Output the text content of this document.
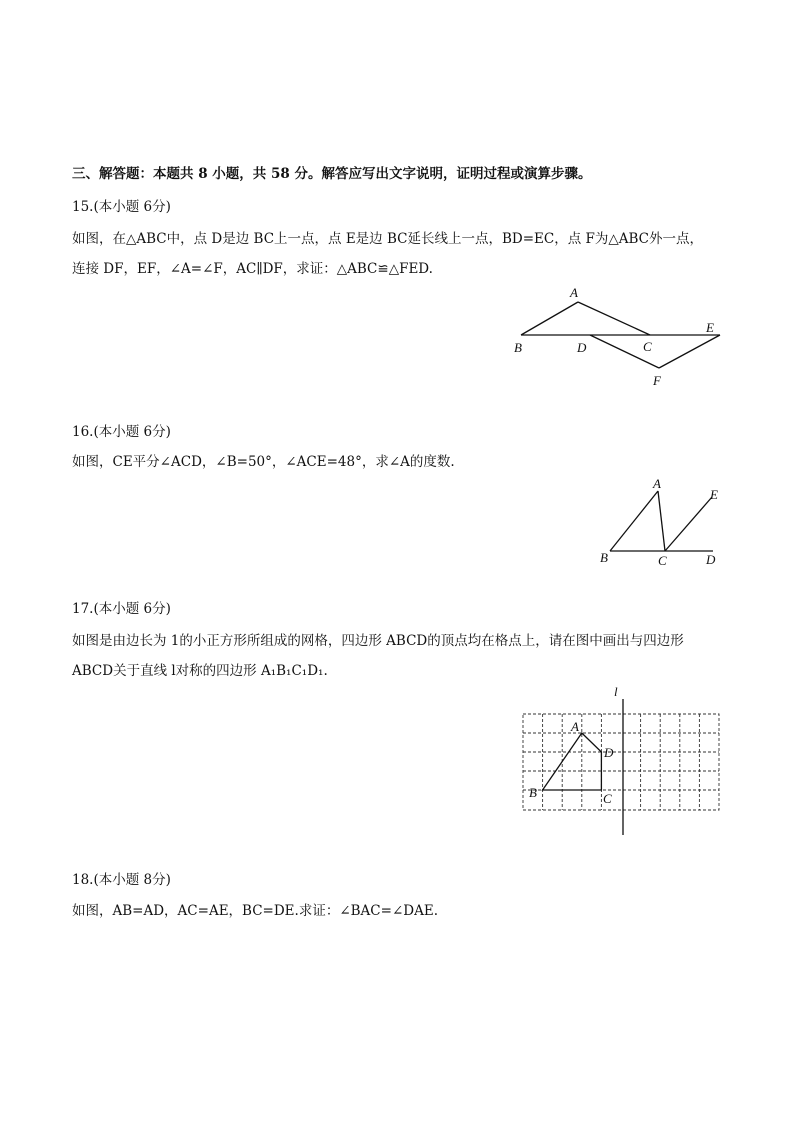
三、解答题：本题共 8 小题，共 58 分。解答应写出文字说明，证明过程或演算步骤。
15.(本小题 6分)
如图，在△ABC中，点 D是边 BC上一点，点 E是边 BC延长线上一点，BD=EC，点 F为△ABC外一点，
连接 DF，EF，∠A=∠F，AC∥DF，求证：△ABC≌△FED.
A
B	D	C
E
F
16.(本小题 6分)
如图，CE平分∠ACD，∠B=50°，∠ACE=48°，求∠A的度数.
A
B	C	D
E
17.(本小题 6分)
如图是由边长为 1的小正方形所组成的网格，四边形 ABCD的顶点均在格点上，请在图中画出与四边形
ABCD关于直线 l对称的四边形 A₁B₁C₁D₁.
l
A
D
B	C
18.(本小题 8分)
如图，AB=AD，AC=AE，BC=DE.求证：∠BAC=∠DAE.
